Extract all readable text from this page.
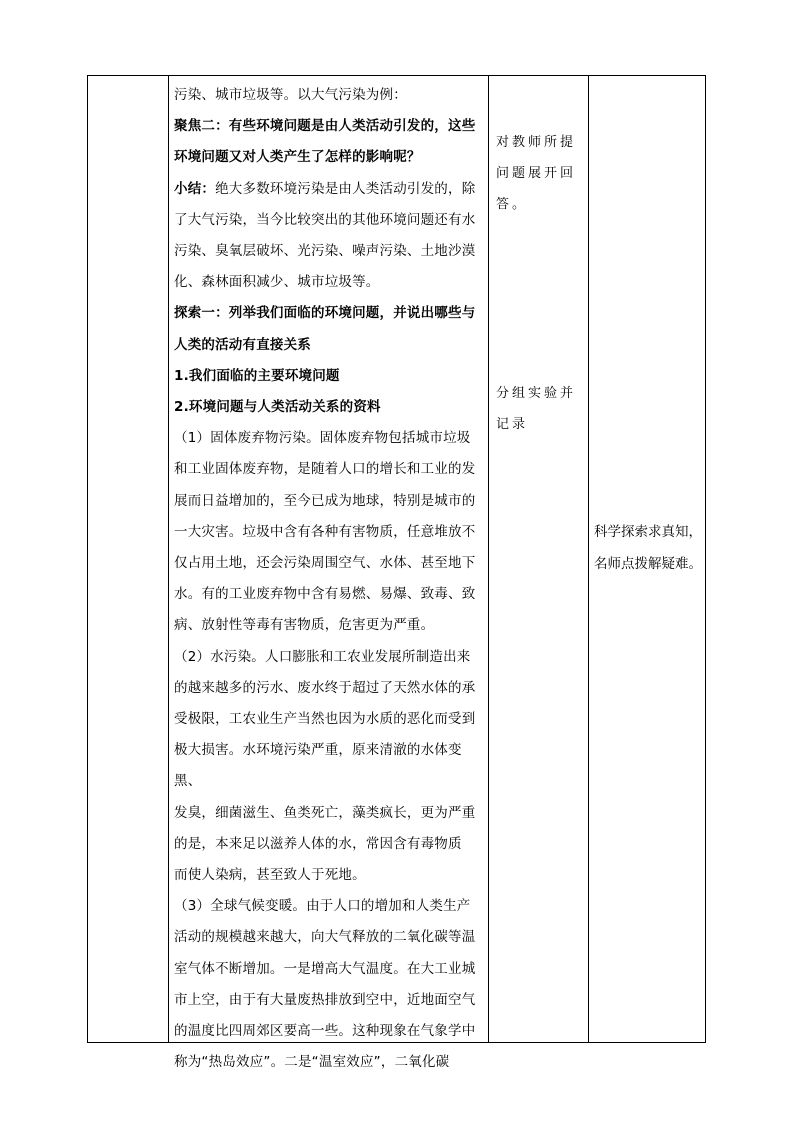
污染、城市垃圾等。以大气污染为例：

聚焦二：有些环境问题是由人类活动引发的，这些

环境问题又对人类产生了怎样的影响呢？

小结：绝大多数环境污染是由人类活动引发的，除

了大气污染，当今比较突出的其他环境问题还有水

污染、臭氧层破坏、光污染、噪声污染、土地沙漠

化、森林面积减少、城市垃圾等。

探索一：列举我们面临的环境问题，并说出哪些与

人类的活动有直接关系

1.我们面临的主要环境问题

2.环境问题与人类活动关系的资料

（1）固体废弃物污染。固体废弃物包括城市垃圾

和工业固体废弃物，是随着人口的增长和工业的发

展而日益增加的，至今已成为地球，特别是城市的

一大灾害。垃圾中含有各种有害物质，任意堆放不

仅占用土地，还会污染周围空气、水体、甚至地下

水。有的工业废弃物中含有易燃、易爆、致毒、致

病、放射性等毒有害物质，危害更为严重。

（2）水污染。人口膨胀和工农业发展所制造出来

的越来越多的污水、废水终于超过了天然水体的承

受极限，工农业生产当然也因为水质的恶化而受到

极大损害。水环境污染严重，原来清澈的水体变黑、

发臭，细菌滋生、鱼类死亡，藻类疯长，更为严重

的是，本来足以滋养人体的水，常因含有毒物质

而使人染病，甚至致人于死地。

（3）全球气候变暖。由于人口的增加和人类生产

活动的规模越来越大，向大气释放的二氧化碳等温

室气体不断增加。一是增高大气温度。在大工业城

市上空，由于有大量废热排放到空中，近地面空气

的温度比四周郊区要高一些。这种现象在气象学中

称为“热岛效应”。二是“温室效应”，二氧化碳

对教师所提
问题展开回
答。
分组实验并
记录
科学探索求真知，
名师点拨解疑难。
